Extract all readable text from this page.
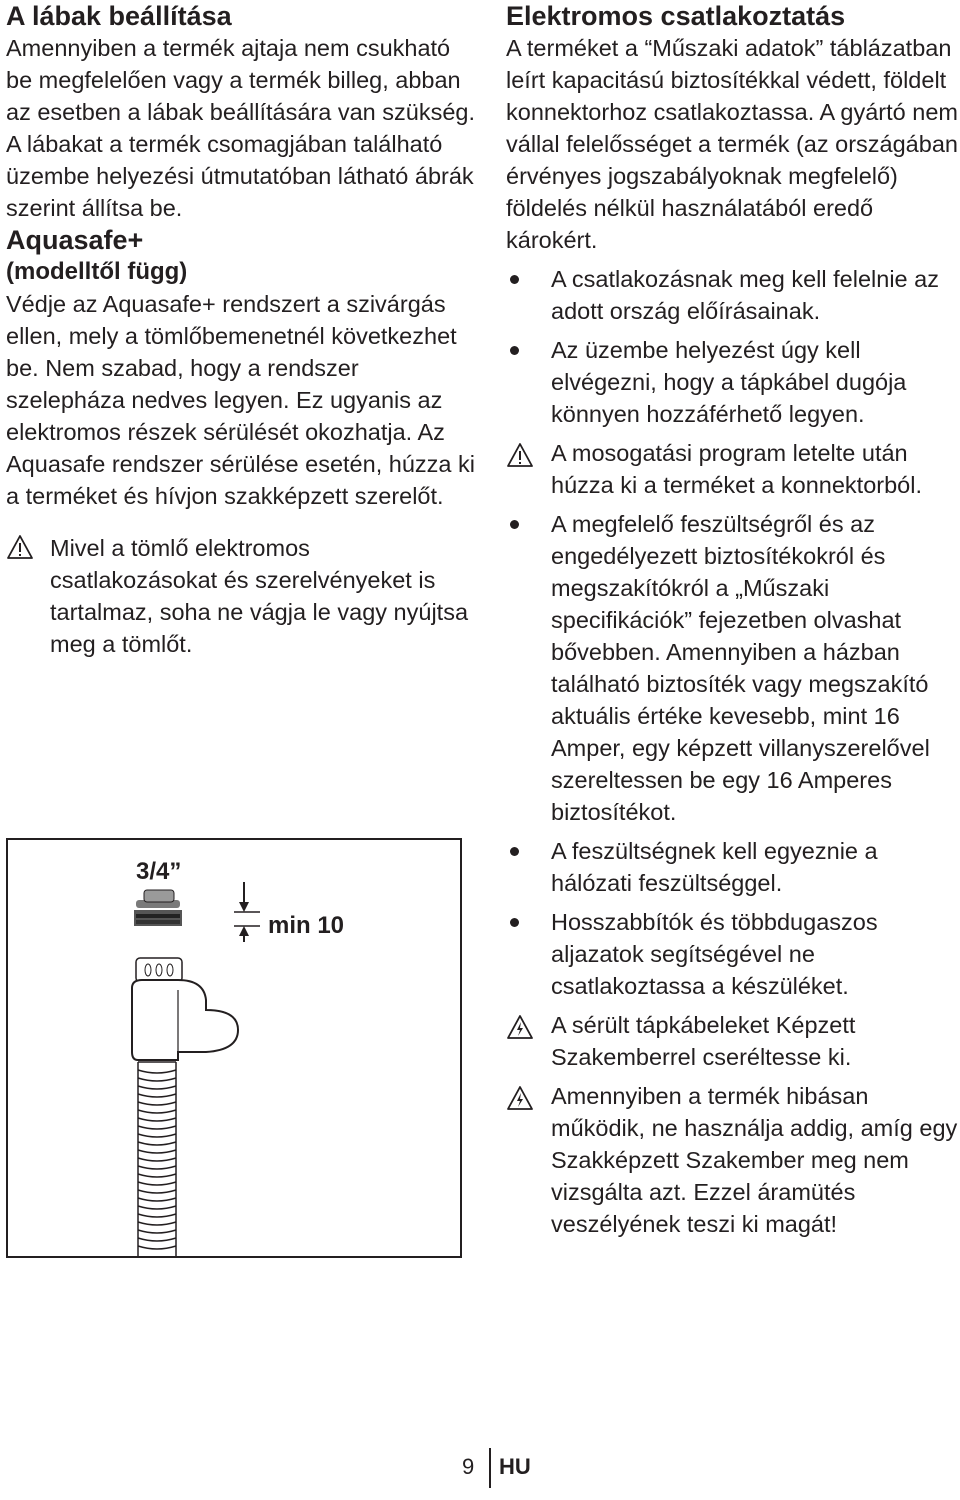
A lábak beállítása

Amennyiben a termék ajtaja nem csukható be megfelelően vagy a termék billeg, abban az esetben a lábak beállítására van szükség. A lábakat a termék csomagjában található üzembe helyezési útmutatóban látható ábrák szerint állítsa be.

Aquasafe+
(modelltől függ)

Védje az Aquasafe+ rendszert a szivárgás ellen, mely a tömlőbemenetnél következhet be. Nem szabad, hogy a rendszer szelepháza nedves legyen. Ez ugyanis az elektromos részek sérülését okozhatja. Az Aquasafe rendszer sérülése esetén, húzza ki a terméket és hívjon szakképzett szerelőt.

Mivel a tömlő elektromos csatlakozásokat és szerelvényeket is tartalmaz, soha ne vágja le vagy nyújtsa meg a tömlőt.
3/4”
min 10
Elektromos csatlakoztatás

A terméket a “Műszaki adatok” táblázatban leírt kapacitású biztosítékkal védett, földelt konnektorhoz csatlakoztassa. A gyártó nem vállal felelősséget a termék (az országában érvényes jogszabályoknak megfelelő) földelés nélkül használatából eredő károkért.

A csatlakozásnak meg kell felelnie az adott ország előírásainak.
Az üzembe helyezést úgy kell elvégezni, hogy a tápkábel dugója könnyen hozzáférhető legyen.
A mosogatási program letelte után húzza ki a terméket a konnektorból.
A megfelelő feszültségről és az engedélyezett biztosítékokról és megszakítókról a „Műszaki specifikációk” fejezetben olvashat bővebben. Amennyiben a házban található biztosíték vagy megszakító aktuális értéke kevesebb, mint 16 Amper, egy képzett villanyszerelővel szereltessen be egy 16 Amperes biztosítékot.
A feszültségnek kell egyeznie a hálózati feszültséggel.
Hosszabbítók és többdugaszos aljazatok segítségével ne csatlakoztassa a készüléket.
A sérült tápkábeleket Képzett Szakemberrel cseréltesse ki.
Amennyiben a termék hibásan működik, ne használja addig, amíg egy Szakképzett Szakember meg nem vizsgálta azt. Ezzel áramütés veszélyének teszi ki magát!
9 HU
